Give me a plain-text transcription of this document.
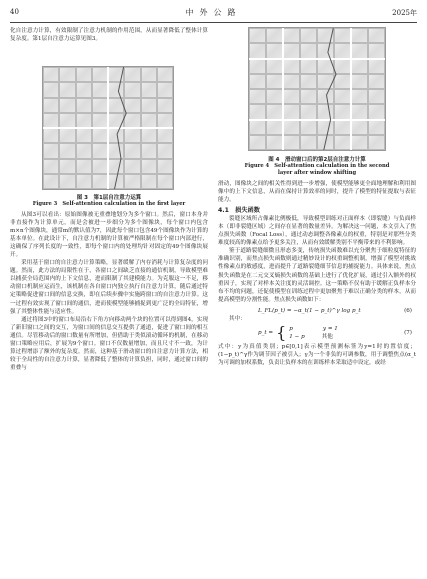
40	中外公路	2025年

化自注意力计算，有效限制了注意力机制的作用范围，从而显著降低了整体计算复杂度。第1层自注意力运算见图3。

图 3　第1层自注意力运算
Figure 3　Self-attention calculation in the first layer

从图3可以看出：原始图像被无重叠地划分为多个窗口。然后，窗口本身并非直接作为计算单元，而是会被进一步细分为多个图像块，每个窗口内包含m×n个图像块，通常m的默认值为7，因此每个窗口包含49个图像块作为计算的基本单位。在此设计下，自注意力机制的计算被严格限制在每个窗口内部进行，这确保了序列长度的一致性，即每个窗口内的处理均针对固定的49个图像块展开。

采用基于窗口的自注意力计算策略，显著缓解了内存消耗与计算复杂度的问题。然而，此方法的局限性在于，各窗口之间缺乏直接的通信机制，导致模型难以捕获全局范围内的上下文信息，进而限制了其建模能力。为克服这一不足，移动窗口机制应运而生，该机制在各自窗口内独立执行自注意力计算，随后通过特定策略促进窗口间的信息交换，即在后续步骤中实施跨窗口的自注意力计算。这一过程有效实现了窗口间的通信，进而使模型能够捕捉到更广泛的全局特征，增强了其整体性能与适应性。

通过将图3中的窗口布局沿右下角方向移动两个块的位置可以得到图4，实现了新旧窗口之间的交互，为窗口间的信息交互提供了通道，促进了窗口间的相互通信。尽管移动后的窗口数量有所增加，但借助于类似滚动循环的机制，在移动窗口策略应用后，扩展为9个窗口。窗口不仅数量增加，而且尺寸不一致，为计算过程增添了额外的复杂度。然而，这种基于滑动窗口的自注意力计算方法，相较于全局性的自注意力计算，显著降低了整体的计算负担，同时，通过窗口间的重叠与

图 4　滑动窗口后的第2层自注意力计算
Figure 4　Self-attention calculation in the second
layer after window shifting

滑动，图像块之间的相关性得到进一步增强，使模型能够更全面地理解和利用图像中的上下文信息，从而在保持计算效率的同时，提升了模型的特征提取与表征能力。

4.1　损失函数

裂缝区域所占像素比例极低，导致模型训练对正面样本（即裂缝）与负面样本（即非裂缝区域）之间存在显著的数量差异。为解决这一问题，本文引入了焦点损失函数（Focal Loss），通过动态调整各像素点的权重，特别是对那些分类难度较高的像素点给予更多关注，从而有效缓解类别不平衡带来的不利影响。

鉴于道路裂缝细微且形态多变，传统损失函数难以充分聚焦于细粒度特征的准确识别，而焦点损失函数则通过精妙设计的权重调整机制，增强了模型对挑战性像素点的敏感度，进而提升了道路裂缝细节信息的捕捉能力。具体来说，焦点损失函数是在二元交叉熵损失函数的基础上进行了优化扩展，通过引入额外的权重因子，实现了对样本关注度的灵活调控。这一策略不仅有助于缓解正负样本分布不均的问题，还促使模型在训练过程中更加聚焦于难以正确分类的样本，从而提高模型的分割性能。焦点损失函数如下：

L_FL(p_t) = −α_t(1 − p_t)^γ log p_t	(6)
其中：
p_t = { p	y = 1
1 − p	其他
(7)

式中：y为真值类别；p∈[0,1]表示模型预测标签为y=1时的置信度；(1−p_t)^γ作为调节因子被引入；γ为一个非负的可调参数，用于调整焦点(α_t为可调的加权系数，负责让负样本的在训练样本采取适中设定，或经
